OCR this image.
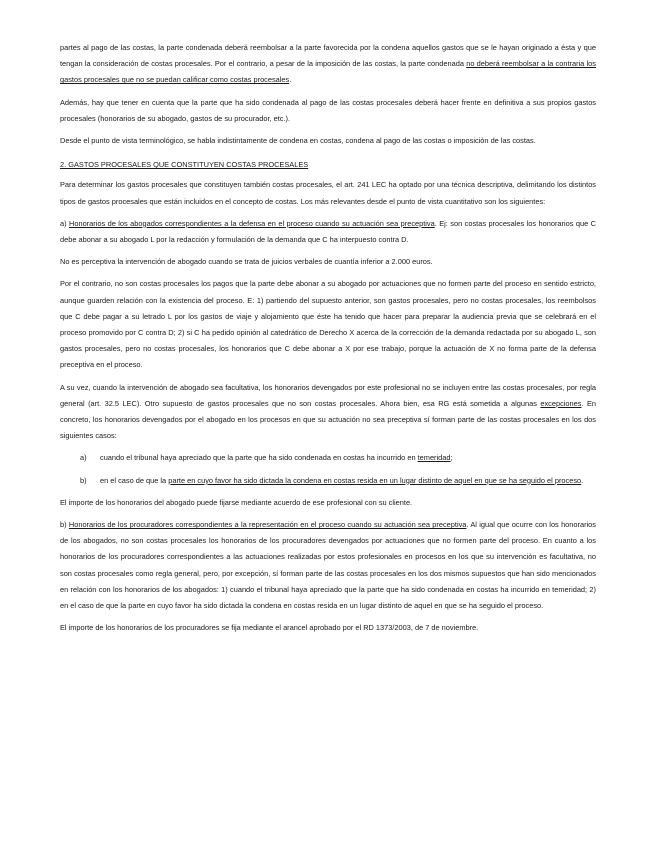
partes al pago de las costas, la parte condenada deberá reembolsar a la parte favorecida por la condena aquellos gastos que se le hayan originado a ésta y que tengan la consideración de costas procesales. Por el contrario, a pesar de la imposición de las costas, la parte condenada no deberá reembolsar a la contraria los gastos procesales que no se puedan calificar como costas procesales.

Además, hay que tener en cuenta que la parte que ha sido condenada al pago de las costas procesales deberá hacer frente en definitiva a sus propios gastos procesales (honorarios de su abogado, gastos de su procurador, etc.).

Desde el punto de vista terminológico, se habla indistintamente de condena en costas, condena al pago de las costas o imposición de las costas.

2. GASTOS PROCESALES QUE CONSTITUYEN COSTAS PROCESALES

Para determinar los gastos procesales que constituyen también costas procesales, el art. 241 LEC ha optado por una técnica descriptiva, delimitando los distintos tipos de gastos procesales que están incluidos en el concepto de costas. Los más relevantes desde el punto de vista cuantitativo son los siguientes:

a) Honorarios de los abogados correspondientes a la defensa en el proceso cuando su actuación sea preceptiva. Ej: son costas procesales los honorarios que C debe abonar a su abogado L por la redacción y formulación de la demanda que C ha interpuesto contra D.

No es perceptiva la intervención de abogado cuando se trata de juicios verbales de cuantía inferior a 2.000 euros.

Por el contrario, no son costas procesales los pagos que la parte debe abonar a su abogado por actuaciones que no formen parte del proceso en sentido estricto, aunque guarden relación con la existencia del proceso. E: 1) partiendo del supuesto anterior, son gastos procesales, pero no costas procesales, los reembolsos que C debe pagar a su letrado L por los gastos de viaje y alojamiento que éste ha tenido que hacer para preparar la audiencia previa que se celebrará en el proceso promovido por C contra D; 2) si C ha pedido opinión al catedrático de Derecho X acerca de la corrección de la demanda redactada por su abogado L, son gastos procesales, pero no costas procesales, los honorarios que C debe abonar a X por ese trabajo, porque la actuación de X no forma parte de la defensa preceptiva en el proceso.

A su vez, cuando la intervención de abogado sea facultativa, los honorarios devengados por este profesional no se incluyen entre las costas procesales, por regla general (art. 32.5 LEC). Otro supuesto de gastos procesales que no son costas procesales. Ahora bien, esa RG está sometida a algunas excepciones. En concreto, los honorarios devengados por el abogado en los procesos en que su actuación no sea preceptiva sí forman parte de las costas procesales en los dos siguientes casos:

a)	cuando el tribunal haya apreciado que la parte que ha sido condenada en costas ha incurrido en temeridad;
b)	en el caso de que la parte en cuyo favor ha sido dictada la condena en costas resida en un lugar distinto de aquel en que se ha seguido el proceso.

El importe de los honorarios del abogado puede fijarse mediante acuerdo de ese profesional con su cliente.

b) Honorarios de los procuradores correspondientes a la representación en el proceso cuando su actuación sea preceptiva. Al igual que ocurre con los honorarios de los abogados, no son costas procesales los honorarios de los procuradores devengados por actuaciones que no formen parte del proceso. En cuanto a los honorarios de los procuradores correspondientes a las actuaciones realizadas por estos profesionales en procesos en los que su intervención es facultativa, no son costas procesales como regla general, pero, por excepción, sí forman parte de las costas procesales en los dos mismos supuestos que han sido mencionados en relación con los honorarios de los abogados: 1) cuando el tribunal haya apreciado que la parte que ha sido condenada en costas ha incurrido en temeridad; 2) en el caso de que la parte en cuyo favor ha sido dictada la condena en costas resida en un lugar distinto de aquel en que se ha seguido el proceso.

El importe de los honorarios de los procuradores se fija mediante el arancel aprobado por el RD 1373/2003, de 7 de noviembre.
